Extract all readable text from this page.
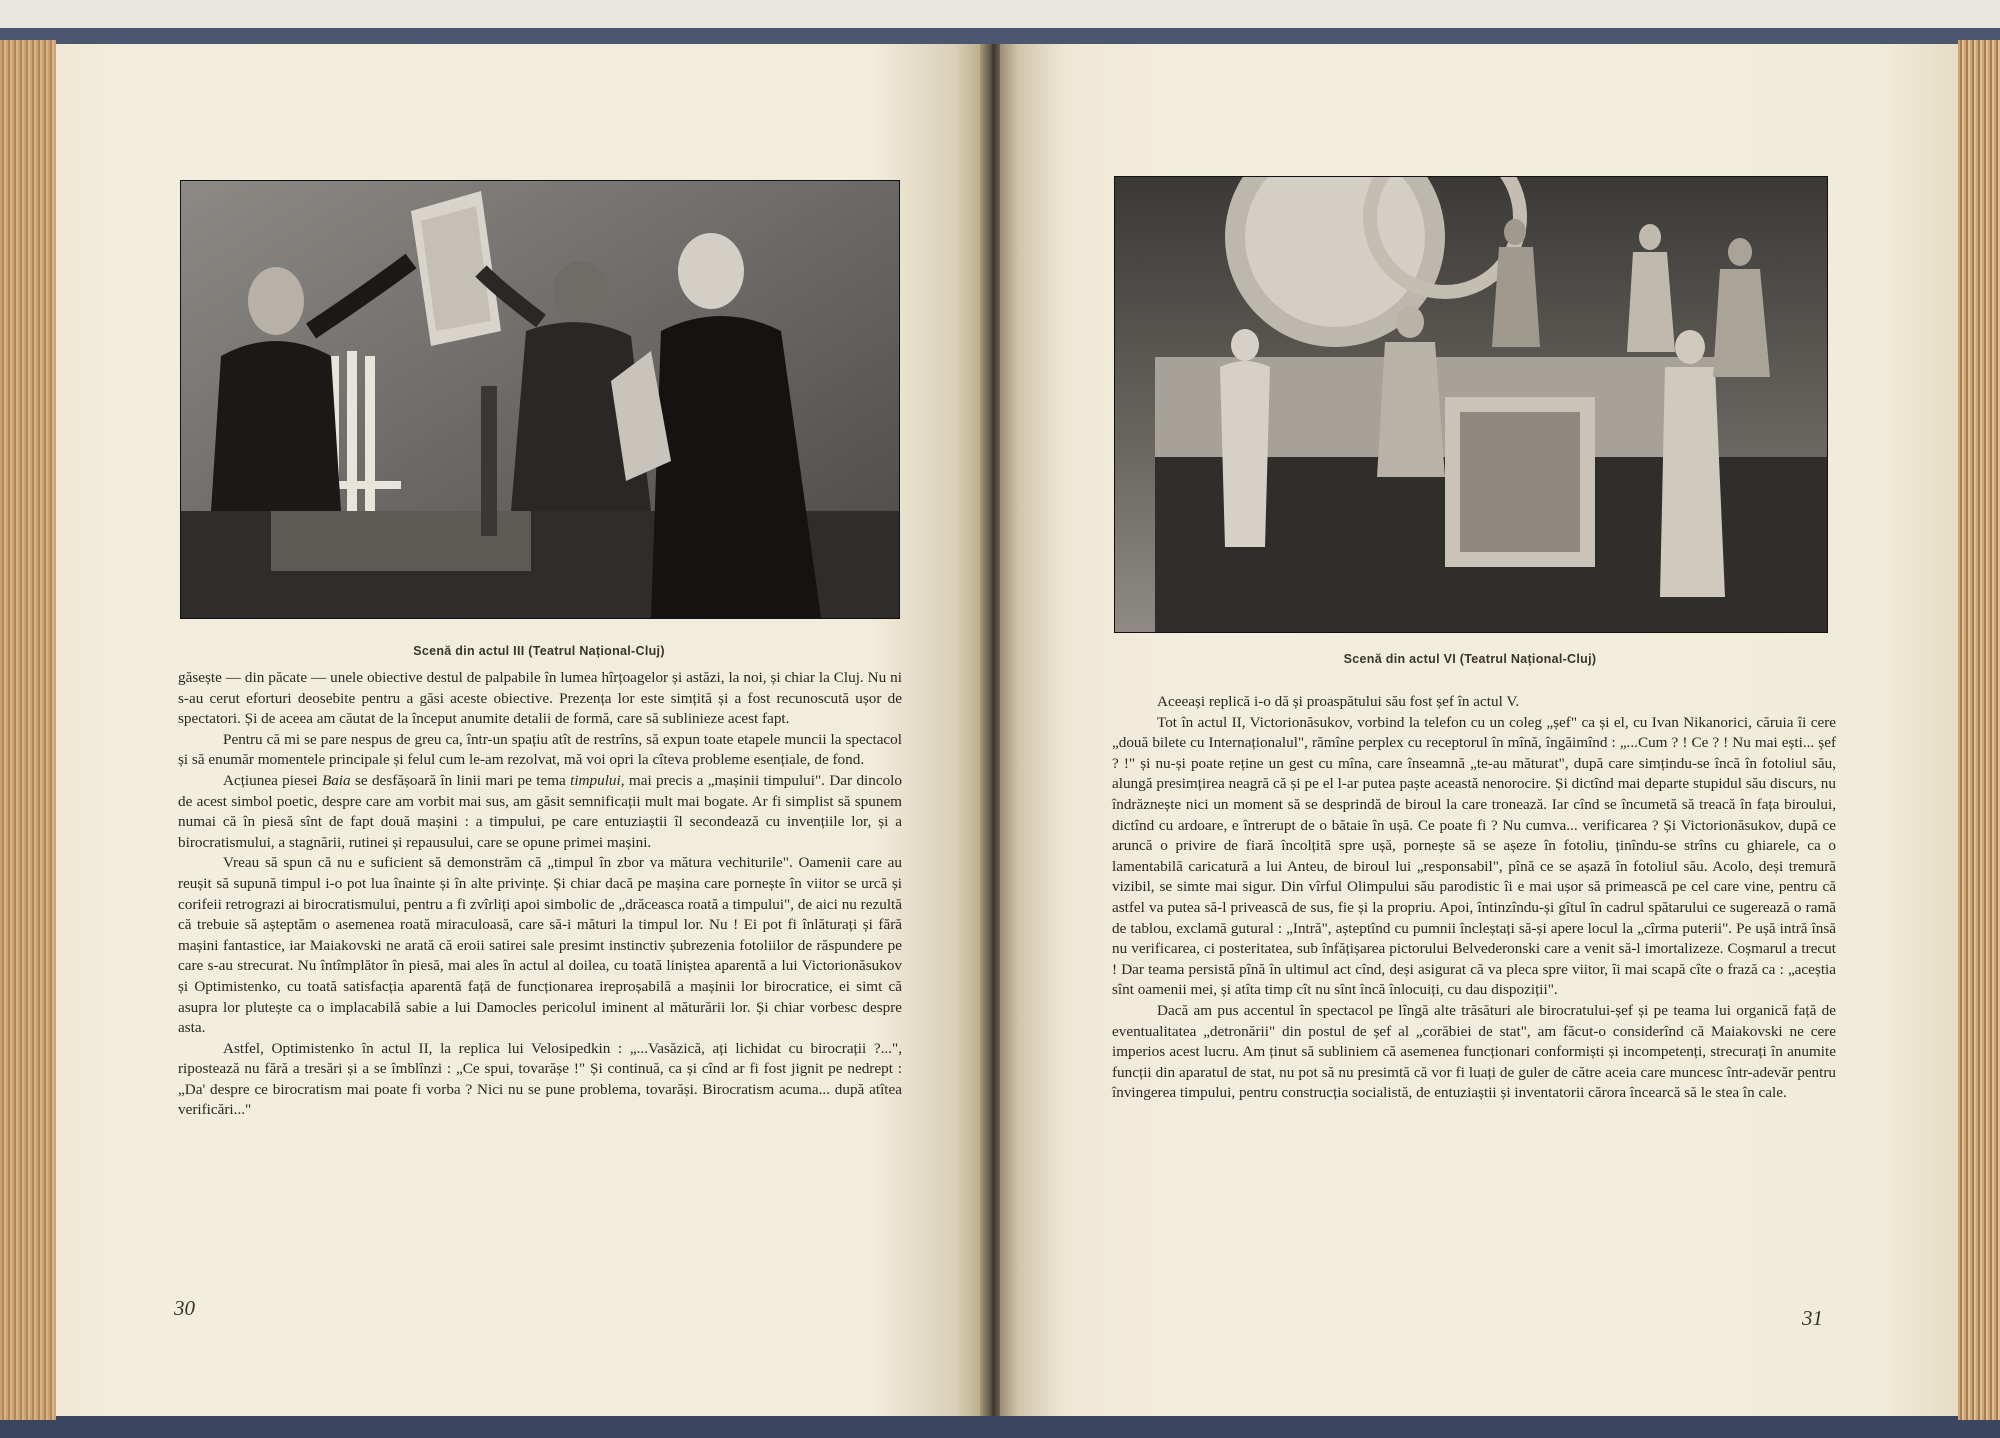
Scenă din actul III (Teatrul Național-Cluj)

găsește — din păcate — unele obiective destul de palpabile în lumea hîrțoagelor și astăzi, la noi, și chiar la Cluj. Nu ni s-au cerut eforturi deosebite pentru a găsi aceste obiective. Prezența lor este simțită și a fost recunoscută ușor de spectatori. Și de aceea am căutat de la început anumite detalii de formă, care să sublinieze acest fapt.

Pentru că mi se pare nespus de greu ca, într-un spațiu atît de restrîns, să expun toate etapele muncii la spectacol și să enumăr momentele principale și felul cum le-am rezolvat, mă voi opri la cîteva probleme esențiale, de fond.

Acțiunea piesei Baia se desfășoară în linii mari pe tema timpului, mai precis a „mașinii timpului". Dar dincolo de acest simbol poetic, despre care am vorbit mai sus, am găsit semnificații mult mai bogate. Ar fi simplist să spunem numai că în piesă sînt de fapt două mașini : a timpului, pe care entuziaștii îl secondează cu invențiile lor, și a birocratismului, a stagnării, rutinei și repausului, care se opune primei mașini.

Vreau să spun că nu e suficient să demonstrăm că „timpul în zbor va mătura vechiturile". Oamenii care au reușit să supună timpul i-o pot lua înainte și în alte privințe. Și chiar dacă pe mașina care pornește în viitor se urcă și corifeii retrograzi ai birocratismului, pentru a fi zvîrliți apoi simbolic de „drăceasca roată a timpului", de aici nu rezultă că trebuie să așteptăm o asemenea roată miraculoasă, care să-i mături la timpul lor. Nu ! Ei pot fi înlăturați și fără mașini fantastice, iar Maiakovski ne arată că eroii satirei sale presimt instinctiv șubrezenia fotoliilor de răspundere pe care s-au strecurat. Nu întîmplător în piesă, mai ales în actul al doilea, cu toată liniștea aparentă a lui Victorionăsukov și Optimistenko, cu toată satisfacția aparentă față de funcționarea ireproșabilă a mașinii lor birocratice, ei simt că asupra lor plutește ca o implacabilă sabie a lui Damocles pericolul iminent al măturării lor. Și chiar vorbesc despre asta.

Astfel, Optimistenko în actul II, la replica lui Velosipedkin : „...Vasăzică, ați lichidat cu birocrații ?...", ripostează nu fără a tresări și a se îmblînzi : „Ce spui, tovarășe !" Și continuă, ca și cînd ar fi fost jignit pe nedrept : „Da' despre ce birocratism mai poate fi vorba ? Nici nu se pune problema, tovarăși. Birocratism acuma... după atîtea verificări..."

30
Scenă din actul VI (Teatrul Național-Cluj)

Aceeași replică i-o dă și proaspătului său fost șef în actul V.

Tot în actul II, Victorionăsukov, vorbind la telefon cu un coleg „șef" ca și el, cu Ivan Nikanorici, căruia îi cere „două bilete cu Internaționalul", rămîne perplex cu receptorul în mînă, îngăimînd : „...Cum ? ! Ce ? ! Nu mai ești... șef ? !" și nu-și poate reține un gest cu mîna, care înseamnă „te-au măturat", după care simțindu-se încă în fotoliul său, alungă presimțirea neagră că și pe el l-ar putea paște această nenorocire. Și dictînd mai departe stupidul său discurs, nu îndrăznește nici un moment să se desprindă de biroul la care tronează. Iar cînd se încumetă să treacă în fața biroului, dictînd cu ardoare, e întrerupt de o bătaie în ușă. Ce poate fi ? Nu cumva... verificarea ? Și Victorionăsukov, după ce aruncă o privire de fiară încolțită spre ușă, pornește să se așeze în fotoliu, ținîndu-se strîns cu ghiarele, ca o lamentabilă caricatură a lui Anteu, de biroul lui „responsabil", pînă ce se așază în fotoliul său. Acolo, deși tremură vizibil, se simte mai sigur. Din vîrful Olimpului său parodistic îi e mai ușor să primească pe cel care vine, pentru că astfel va putea să-l privească de sus, fie și la propriu. Apoi, întinzîndu-și gîtul în cadrul spătarului ce sugerează o ramă de tablou, exclamă gutural : „Intră", așteptînd cu pumnii încleștați să-și apere locul la „cîrma puterii". Pe ușă intră însă nu verificarea, ci posteritatea, sub înfățișarea pictorului Belvederonski care a venit să-l imortalizeze. Coșmarul a trecut ! Dar teama persistă pînă în ultimul act cînd, deși asigurat că va pleca spre viitor, îi mai scapă cîte o frază ca : „aceștia sînt oamenii mei, și atîta timp cît nu sînt încă înlocuiți, cu dau dispoziții".

Dacă am pus accentul în spectacol pe lîngă alte trăsături ale birocratului-șef și pe teama lui organică față de eventualitatea „detronării" din postul de șef al „corăbiei de stat", am făcut-o considerînd că Maiakovski ne cere imperios acest lucru. Am ținut să subliniem că asemenea funcționari conformiști și incompetenți, strecurați în anumite funcții din aparatul de stat, nu pot să nu presimtă că vor fi luați de guler de către aceia care muncesc într-adevăr pentru învingerea timpului, pentru construcția socialistă, de entuziaștii și inventatorii cărora încearcă să le stea în cale.

31
